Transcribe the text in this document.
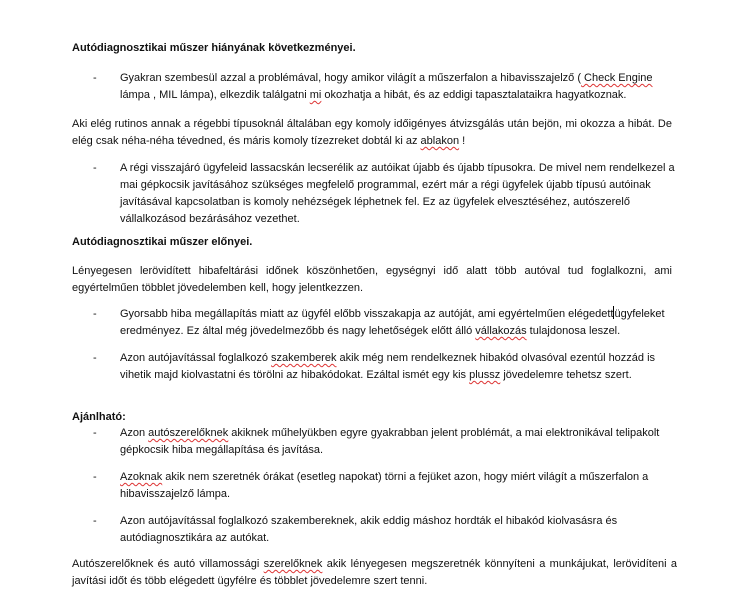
Autódiagnosztikai műszer hiányának következményei.
- Gyakran szembesül azzal a problémával, hogy amikor világít a műszerfalon a hibavisszajelző ( Check Engine lámpa , MIL lámpa), elkezdik találgatni mi okozhatja a hibát, és az eddigi tapasztalataikra hagyatkoznak.
Aki elég rutinos annak a régebbi típusoknál általában egy komoly időigényes átvizsgálás után bejön, mi okozza a hibát. De elég csak néha-néha tévedned, és máris komoly tízezreket dobtál ki az ablakon !
- A régi visszajáró ügyfeleid lassacskán lecserélik az autóikat újabb és újabb típusokra. De mivel nem rendelkezel a mai gépkocsik javításához szükséges megfelelő programmal, ezért már a régi ügyfelek újabb típusú autóinak javításával kapcsolatban is komoly nehézségek léphetnek fel. Ez az ügyfelek elvesztéséhez, autószerelő vállalkozásod bezárásához vezethet.
Autódiagnosztikai műszer előnyei.
Lényegesen lerövidített hibafeltárási időnek köszönhetően, egységnyi idő alatt több autóval tud foglalkozni, ami egyértelműen többlet jövedelemben kell, hogy jelentkezzen.
- Gyorsabb hiba megállapítás miatt az ügyfél előbb visszakapja az autóját, ami egyértelműen elégedettügyfeleket eredményez. Ez által még jövedelmezőbb és nagy lehetőségek előtt álló vállakozás tulajdonosa leszel.
- Azon autójavítással foglalkozó szakemberek akik még nem rendelkeznek hibakód olvasóval ezentúl hozzád is vihetik majd kiolvastatni és törölni az hibakódokat. Ezáltal ismét egy kis plussz jövedelemre tehetsz szert.
Ajánlható:
- Azon autószerelőknek akiknek műhelyükben egyre gyakrabban jelent problémát, a mai elektronikával telipakolt gépkocsik hiba megállapítása és javítása.
- Azoknak akik nem szeretnék órákat (esetleg napokat) törni a fejüket azon, hogy miért világít a műszerfalon a hibavisszajelző lámpa.
- Azon autójavítással foglalkozó szakembereknek, akik eddig máshoz hordták el hibakód kiolvasásra és autódiagnosztikára az autókat.
Autószerelőknek és autó villamossági szerelőknek akik lényegesen megszeretnék könnyíteni a munkájukat, lerövidíteni a javítási időt és több elégedett ügyfélre és többlet jövedelemre szert tenni.
